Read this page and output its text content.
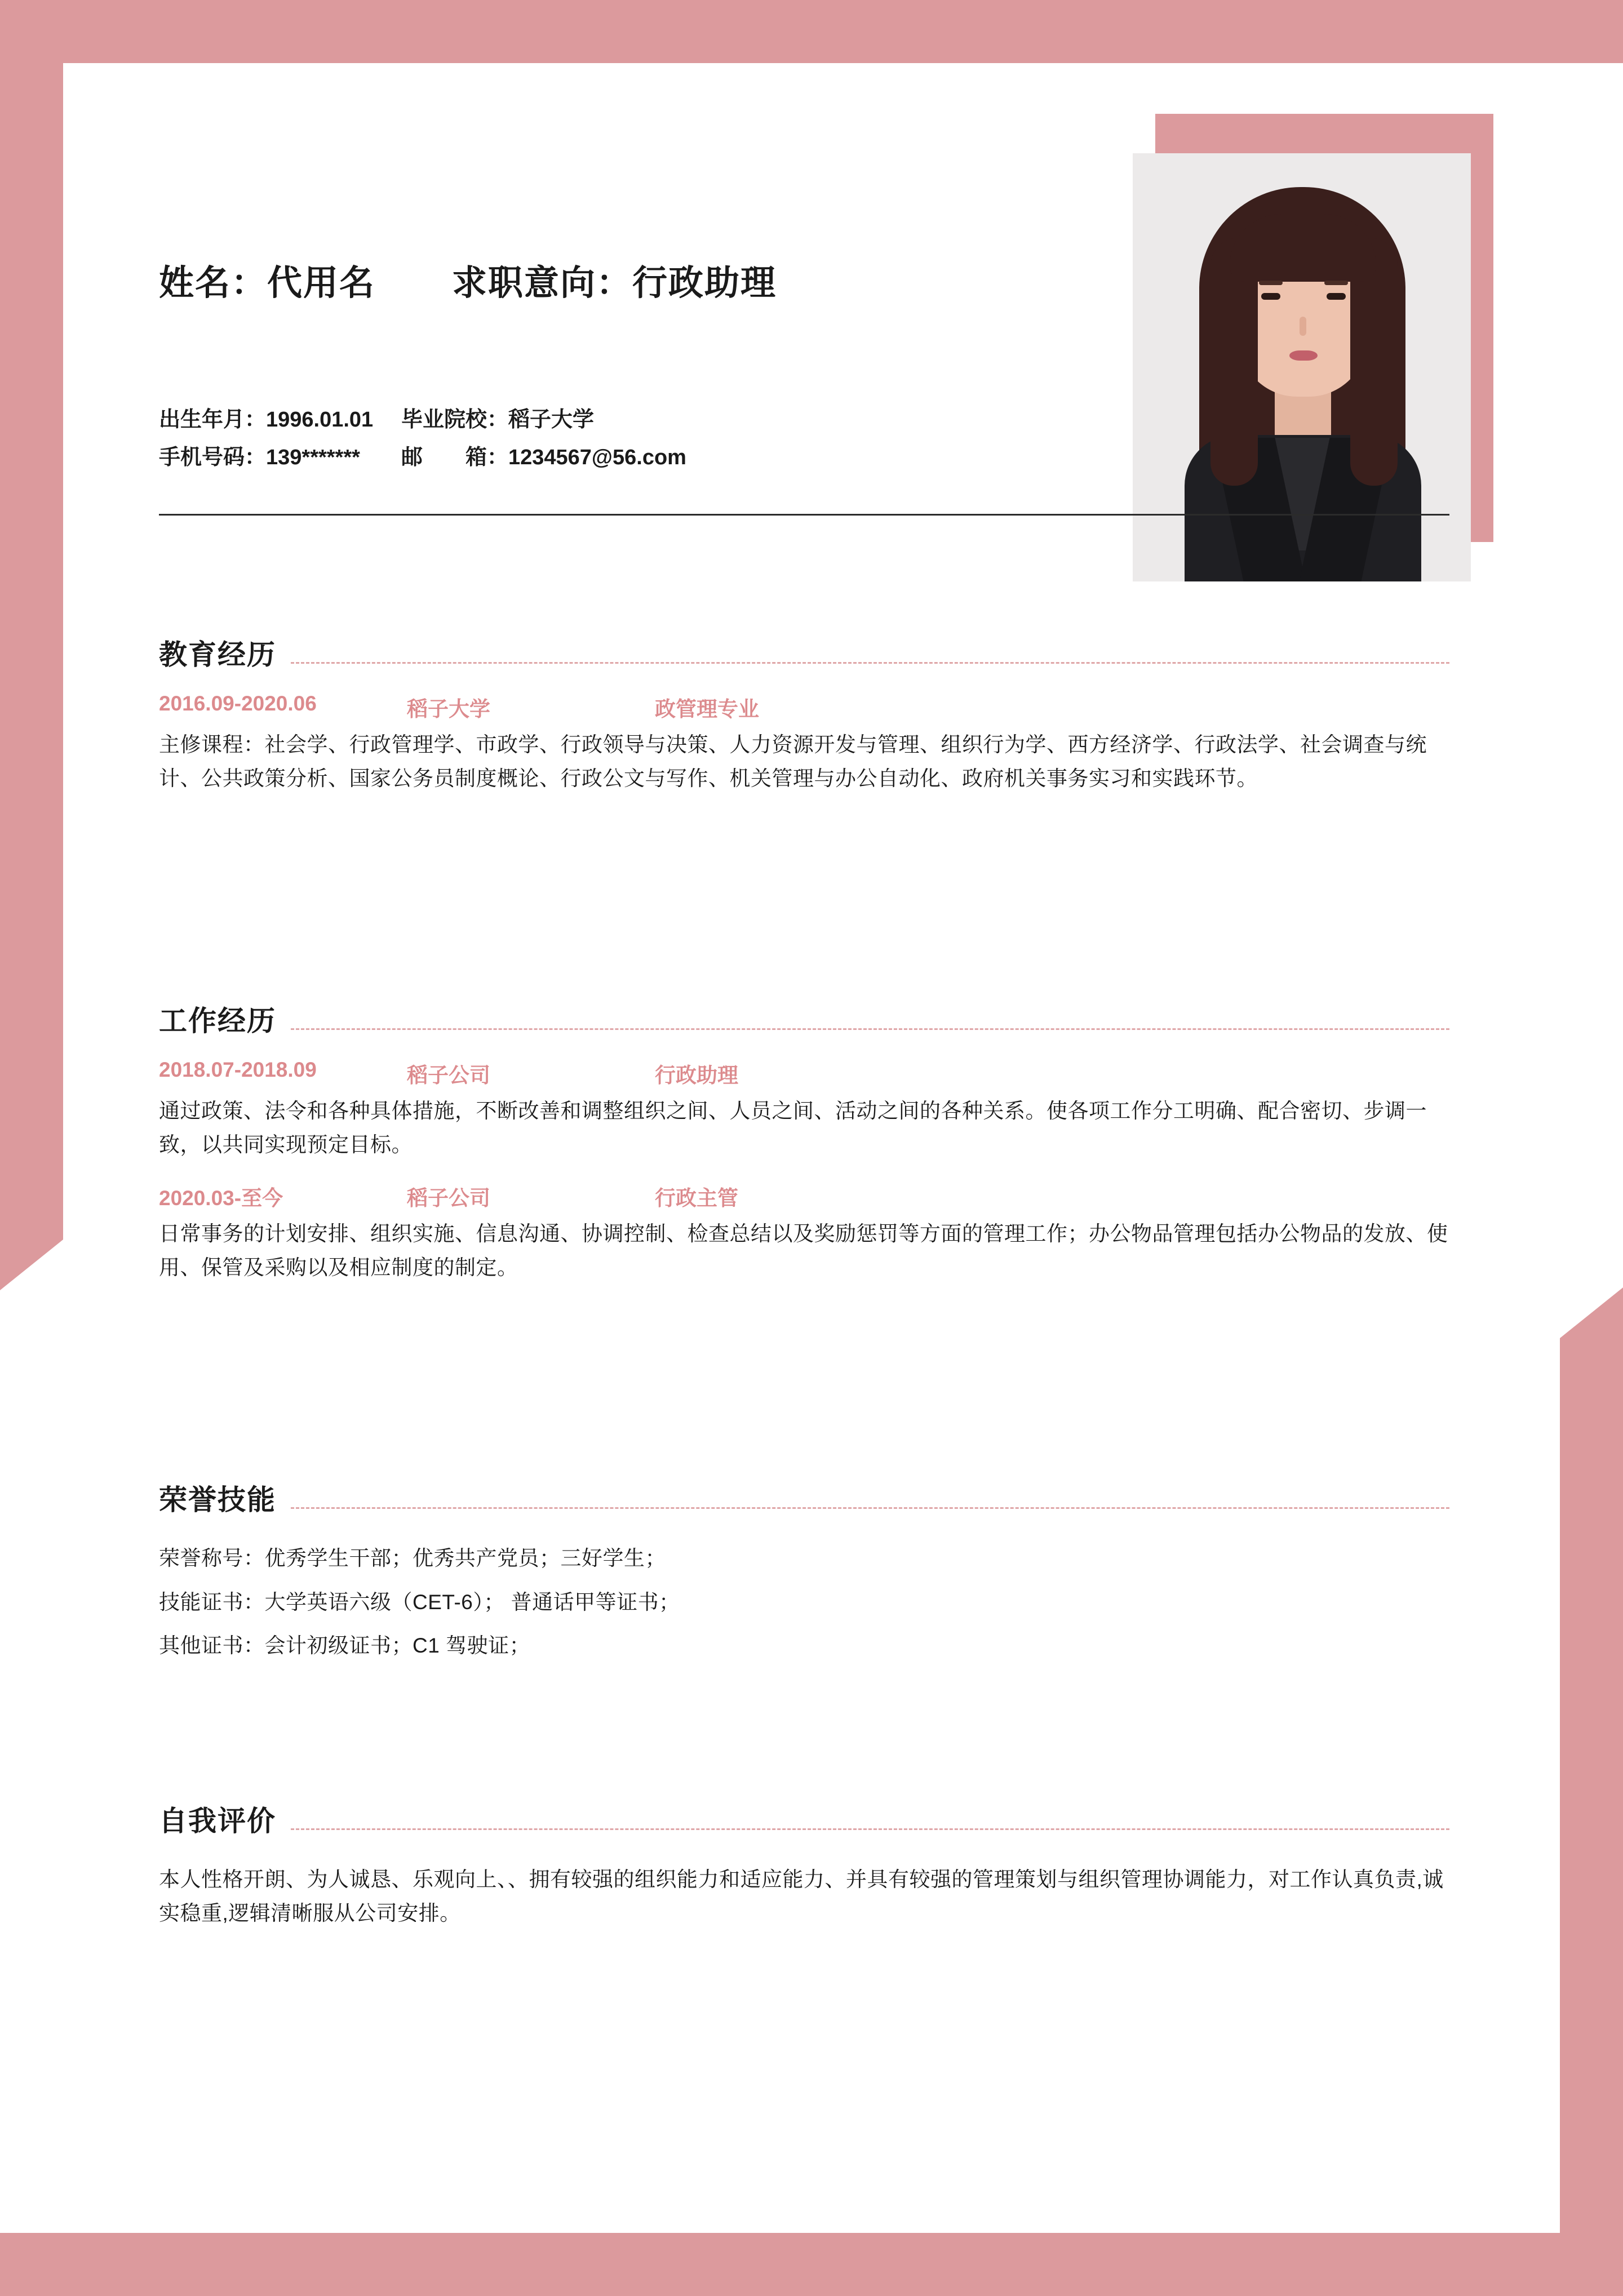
姓名：代用名	求职意向：行政助理
出生年月：1996.01.01	毕业院校：稻子大学
手机号码：139*******	邮　　箱：1234567@56.com
教育经历
2016.09-2020.06	稻子大学	政管理专业
主修课程：社会学、行政管理学、市政学、行政领导与决策、人力资源开发与管理、组织行为学、西方经济学、行政法学、社会调查与统计、公共政策分析、国家公务员制度概论、行政公文与写作、机关管理与办公自动化、政府机关事务实习和实践环节。
工作经历
2018.07-2018.09	稻子公司	行政助理
通过政策、法令和各种具体措施，不断改善和调整组织之间、人员之间、活动之间的各种关系。使各项工作分工明确、配合密切、步调一致，以共同实现预定目标。
2020.03-至今	稻子公司	行政主管
日常事务的计划安排、组织实施、信息沟通、协调控制、检查总结以及奖励惩罚等方面的管理工作；办公物品管理包括办公物品的发放、使用、保管及采购以及相应制度的制定。
荣誉技能
荣誉称号：优秀学生干部；优秀共产党员；三好学生；
技能证书：大学英语六级（CET-6）； 普通话甲等证书；
其他证书：会计初级证书；C1 驾驶证；
自我评价
本人性格开朗、为人诚恳、乐观向上、、拥有较强的组织能力和适应能力、并具有较强的管理策划与组织管理协调能力，对工作认真负责,诚实稳重,逻辑清晰服从公司安排。
